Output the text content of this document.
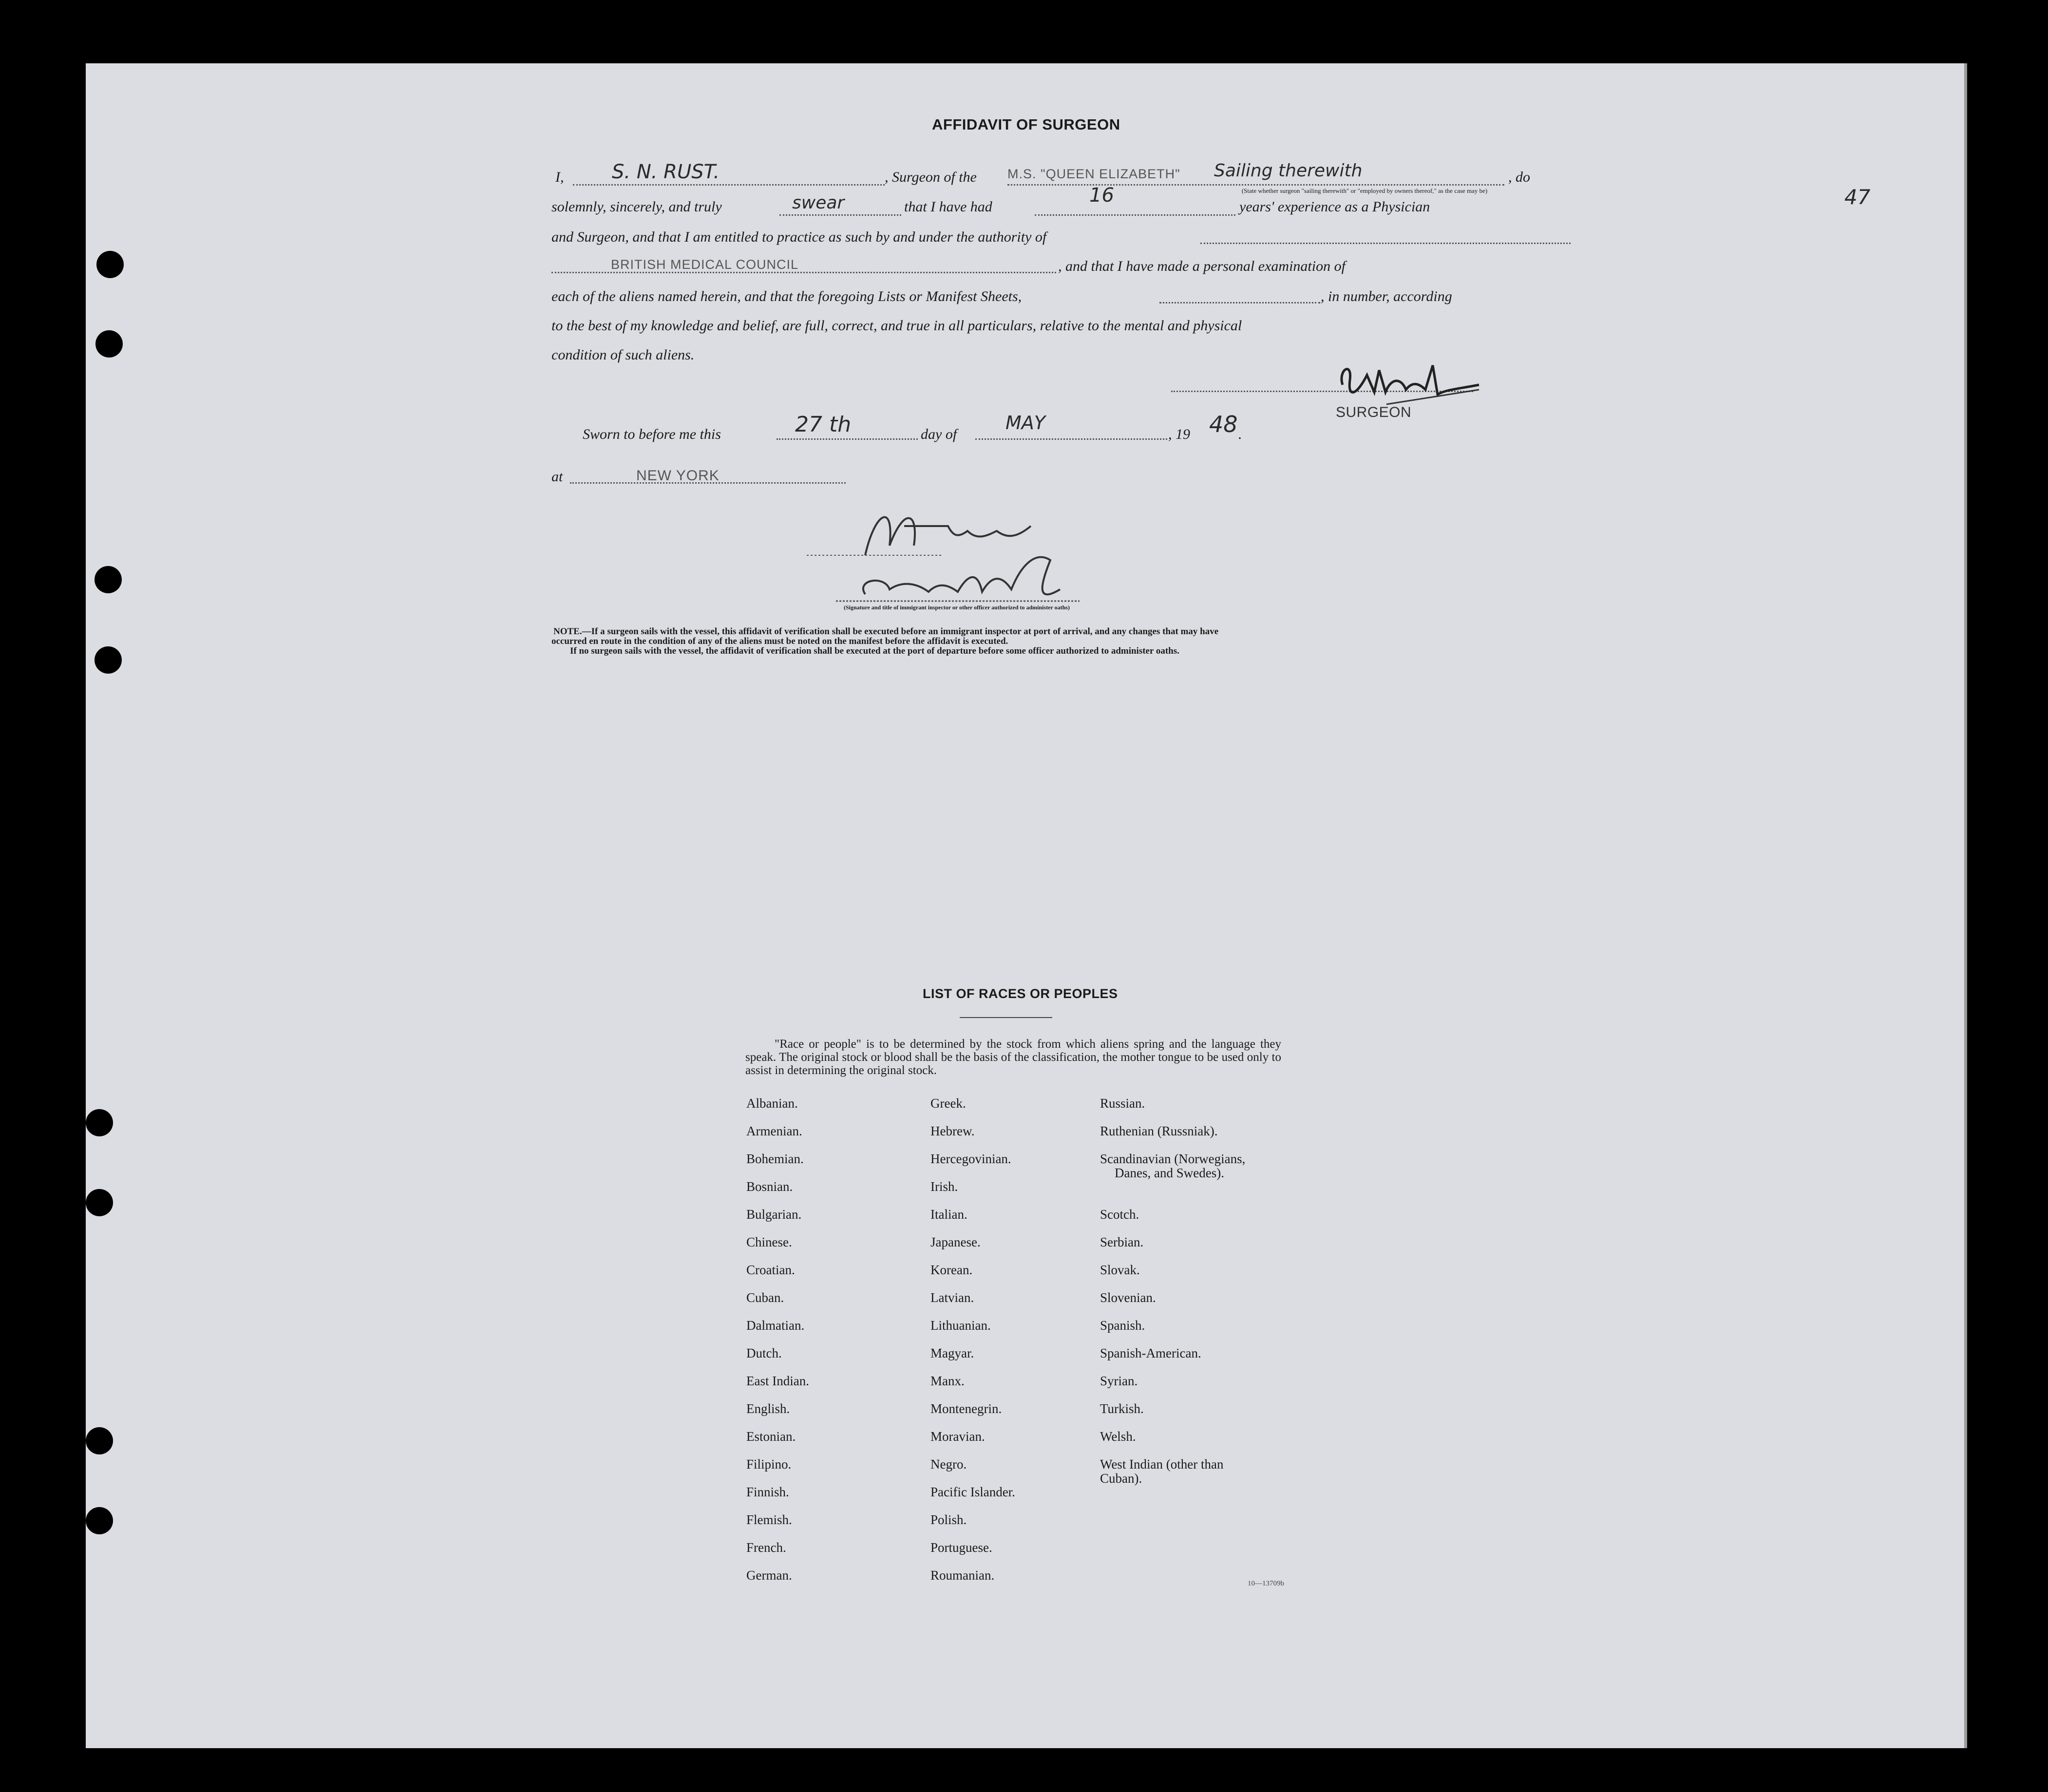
AFFIDAVIT OF SURGEON
47
I, S. N. RUST.	, Surgeon of the M.S. "QUEEN ELIZABETH" Sailing therewith
(State whether surgeon "sailing therewith" or "employed by owners thereof," as the case may be)
, do
solemnly, sincerely, and truly	swear	that I have had
16
years' experience as a Physician
and Surgeon, and that I am entitled to practice as such by and under the authority of
BRITISH MEDICAL COUNCIL	, and that I have made a personal examination of
each of the aliens named herein, and that the foregoing Lists or Manifest Sheets,	, in number, according
to the best of my knowledge and belief, are full, correct, and true in all particulars, relative to the mental and physical
condition of such aliens.
SURGEON
Sworn to before me this	27 th	day of
MAY
, 19 48 .
at	NEW YORK
(Signature and title of immigrant inspector or other officer authorized to administer oaths)
NOTE.—If a surgeon sails with the vessel, this affidavit of verification shall be executed before an immigrant inspector at port of arrival, and any changes that may have
occurred en route in the condition of any of the aliens must be noted on the manifest before the affidavit is executed.
If no surgeon sails with the vessel, the affidavit of verification shall be executed at the port of departure before some officer authorized to administer oaths.
LIST OF RACES OR PEOPLES
"Race or people" is to be determined by the stock from which aliens spring and the language they speak. The original stock or blood shall be the basis of the classification, the mother tongue to be used only to assist in determining the original stock.
Albanian.
Armenian.
Bohemian.
Bosnian.
Bulgarian.
Chinese.
Croatian.
Cuban.
Dalmatian.
Dutch.
East Indian.
English.
Estonian.
Filipino.
Finnish.
Flemish.
French.
German.
Greek.
Hebrew.
Hercegovinian.
Irish.
Italian.
Japanese.
Korean.
Latvian.
Lithuanian.
Magyar.
Manx.
Montenegrin.
Moravian.
Negro.
Pacific Islander.
Polish.
Portuguese.
Roumanian.
Russian.
Ruthenian (Russniak).
Scandinavian (Norwegians,
Danes, and Swedes).
Scotch.
Serbian.
Slovak.
Slovenian.
Spanish.
Spanish-American.
Syrian.
Turkish.
Welsh.
West Indian (other than
Cuban).
10—13709b
